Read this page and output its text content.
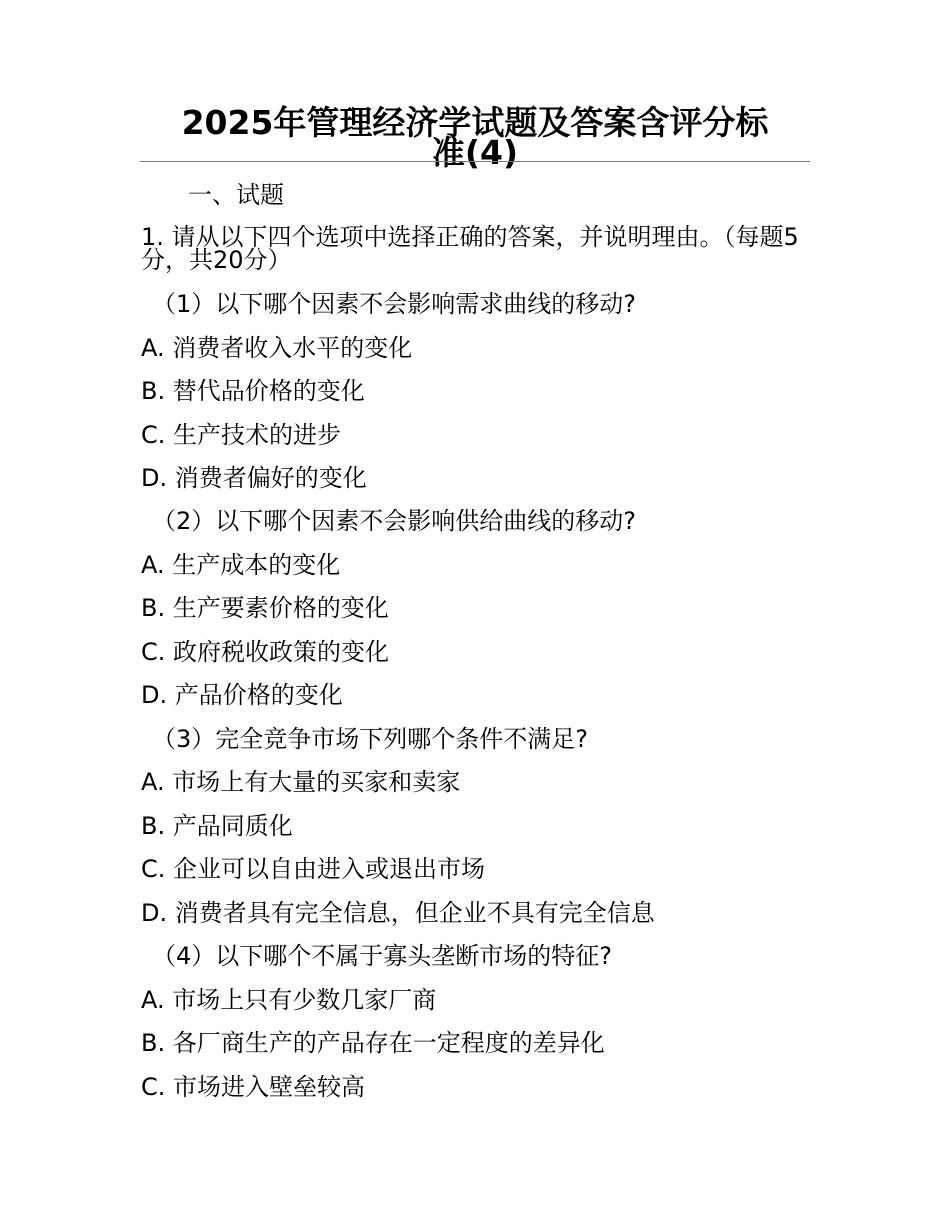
2025年管理经济学试题及答案含评分标
准(4)
一、试题
1. 请从以下四个选项中选择正确的答案，并说明理由。（每题5分，共20分）
（1）以下哪个因素不会影响需求曲线的移动?
A. 消费者收入水平的变化
B. 替代品价格的变化
C. 生产技术的进步
D. 消费者偏好的变化
（2）以下哪个因素不会影响供给曲线的移动?
A. 生产成本的变化
B. 生产要素价格的变化
C. 政府税收政策的变化
D. 产品价格的变化
（3）完全竞争市场下列哪个条件不满足?
A. 市场上有大量的买家和卖家
B. 产品同质化
C. 企业可以自由进入或退出市场
D. 消费者具有完全信息，但企业不具有完全信息
（4）以下哪个不属于寡头垄断市场的特征?
A. 市场上只有少数几家厂商
B. 各厂商生产的产品存在一定程度的差异化
C. 市场进入壁垒较高
